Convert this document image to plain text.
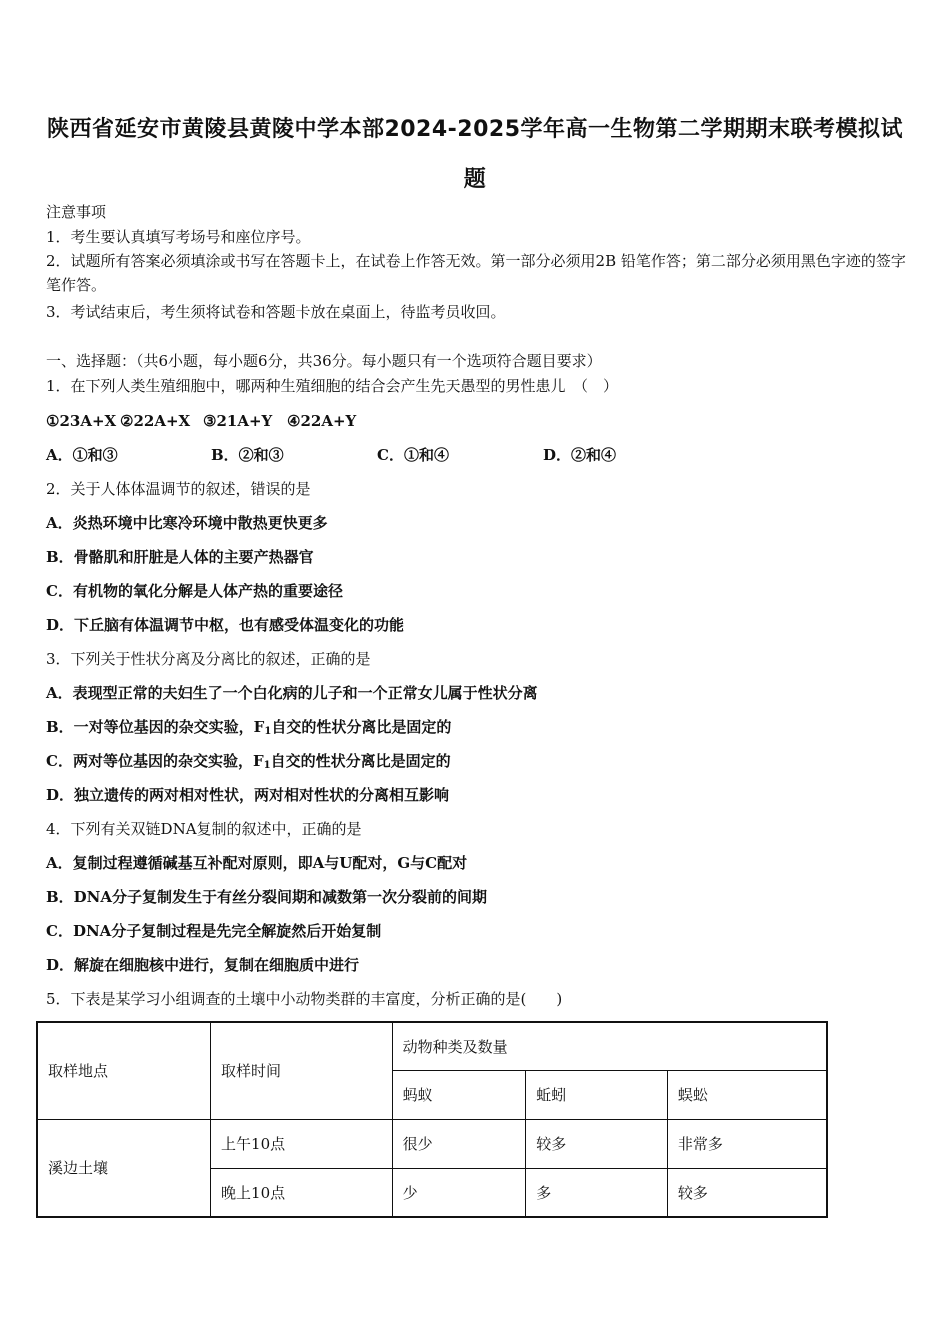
陕西省延安市黄陵县黄陵中学本部2024-2025学年高一生物第二学期期末联考模拟试
题
注意事项
1．考生要认真填写考场号和座位序号。
2．试题所有答案必须填涂或书写在答题卡上，在试卷上作答无效。第一部分必须用2B 铅笔作答；第二部分必须用黑色字迹的签字笔作答。
3．考试结束后，考生须将试卷和答题卡放在桌面上，待监考员收回。
一、选择题：（共6小题，每小题6分，共36分。每小题只有一个选项符合题目要求）
1．在下列人类生殖细胞中，哪两种生殖细胞的结合会产生先天愚型的男性患儿　（　）
①23A+X ②22A+X ③21A+Y ④22A+Y
A．①和③	B．②和③	C．①和④	D．②和④
2．关于人体体温调节的叙述，错误的是
A．炎热环境中比寒冷环境中散热更快更多
B．骨骼肌和肝脏是人体的主要产热器官
C．有机物的氧化分解是人体产热的重要途径
D．下丘脑有体温调节中枢，也有感受体温变化的功能
3．下列关于性状分离及分离比的叙述，正确的是
A．表现型正常的夫妇生了一个白化病的儿子和一个正常女儿属于性状分离
B．一对等位基因的杂交实验，$F_1$自交的性状分离比是固定的
C．两对等位基因的杂交实验，$F_1$自交的性状分离比是固定的
D．独立遗传的两对相对性状，两对相对性状的分离相互影响
4．下列有关双链DNA复制的叙述中，正确的是
A．复制过程遵循碱基互补配对原则，即A与U配对，G与C配对
B．DNA分子复制发生于有丝分裂间期和减数第一次分裂前的间期
C．DNA分子复制过程是先完全解旋然后开始复制
D．解旋在细胞核中进行，复制在细胞质中进行
5．下表是某学习小组调查的土壤中小动物类群的丰富度，分析正确的是(　　)
取样地点	取样时间	动物种类及数量		
		蚂蚁	蚯蚓	蜈蚣
溪边土壤	上午10点	很少	较多	非常多
	晚上10点	少	多	较多
